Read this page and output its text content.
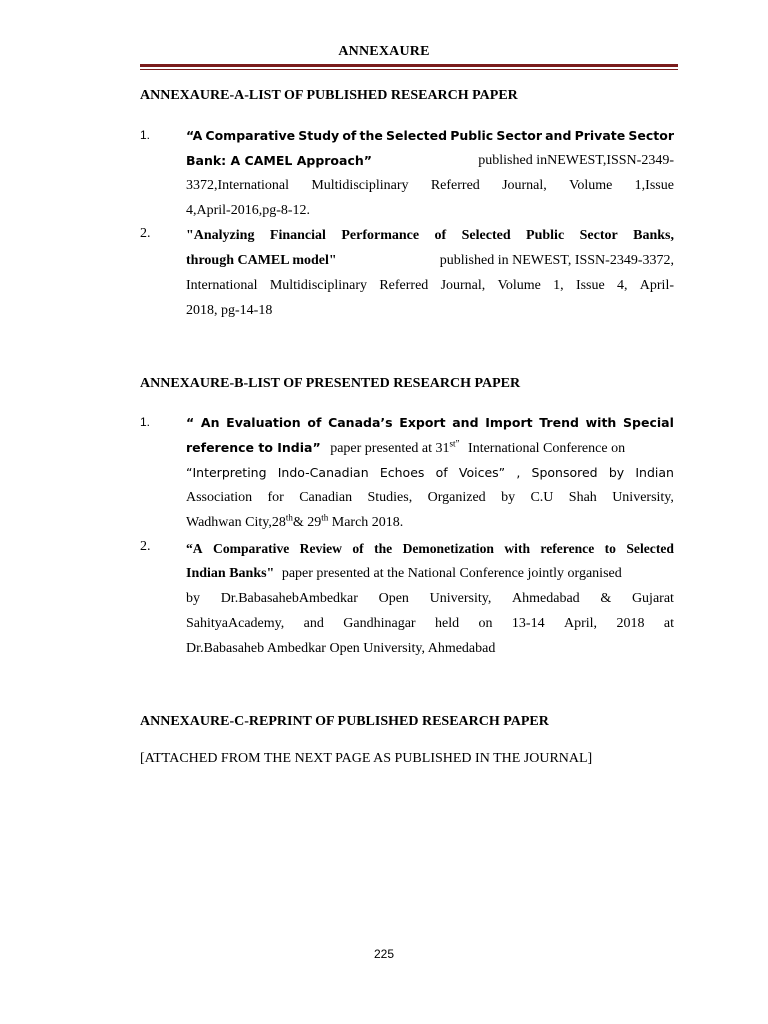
ANNEXAURE
ANNEXAURE-A-LIST OF PUBLISHED RESEARCH PAPER
1.	“A Comparative Study of the Selected Public Sector and Private Sector
Bank: A CAMEL Approach”	published inNEWEST,ISSN-2349-
3372,International Multidisciplinary Referred Journal, Volume 1,Issue
4,April-2016,pg-8-12.
2.	"Analyzing Financial Performance of Selected Public Sector Banks,
through CAMEL model"	published in NEWEST, ISSN-2349-3372,
International Multidisciplinary Referred Journal, Volume 1, Issue 4, April-
2018, pg-14-18
ANNEXAURE-B-LIST OF PRESENTED RESEARCH PAPER
1.	“ An Evaluation of Canada’s Export and Import Trend with Special
reference to India” paper presented at $31^{st”}$ International Conference on
“Interpreting Indo-Canadian Echoes of Voices” , Sponsored by Indian
Association for Canadian Studies, Organized by C.U Shah University,
Wadhwan City,28th& 29th March 2018.
2.	“A Comparative Review of the Demonetization with reference to Selected
Indian Banks" paper presented at the National Conference jointly organised
by Dr.BabasahebAmbedkar Open University, Ahmedabad & Gujarat
SahityaAcademy, and Gandhinagar held on 13-14 April, 2018 at
Dr.Babasaheb Ambedkar Open University, Ahmedabad
ANNEXAURE-C-REPRINT OF PUBLISHED RESEARCH PAPER
[ATTACHED FROM THE NEXT PAGE AS PUBLISHED IN THE JOURNAL]
225
